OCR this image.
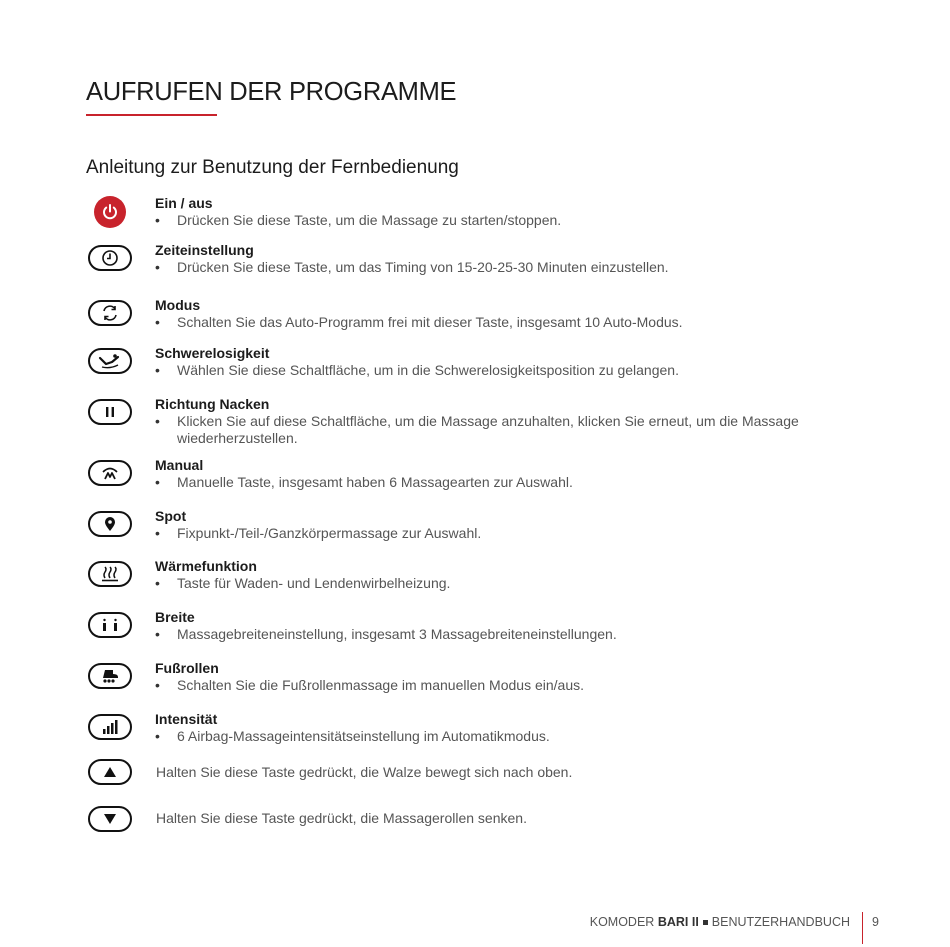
AUFRUFEN DER PROGRAMME
Anleitung zur Benutzung der Fernbedienung
Ein / aus
• Drücken Sie diese Taste, um die Massage zu starten/stoppen.
Zeiteinstellung
• Drücken Sie diese Taste, um das Timing von 15-20-25-30 Minuten einzustellen.
Modus
• Schalten Sie das Auto-Programm frei mit dieser Taste, insgesamt 10 Auto-Modus.
Schwerelosigkeit
• Wählen Sie diese Schaltfläche, um in die Schwerelosigkeitsposition zu gelangen.
Richtung Nacken
• Klicken Sie auf diese Schaltfläche, um die Massage anzuhalten, klicken Sie erneut, um die Massage wiederherzustellen.
Manual
• Manuelle Taste, insgesamt haben 6 Massagearten zur Auswahl.
Spot
• Fixpunkt-/Teil-/Ganzkörpermassage zur Auswahl.
Wärmefunktion
• Taste für Waden- und Lendenwirbelheizung.
Breite
• Massagebreiteneinstellung, insgesamt 3 Massagebreiteneinstellungen.
Fußrollen
• Schalten Sie die Fußrollenmassage im manuellen Modus ein/aus.
Intensität
• 6 Airbag-Massageintensitätseinstellung im Automatikmodus.
Halten Sie diese Taste gedrückt, die Walze bewegt sich nach oben.
Halten Sie diese Taste gedrückt, die Massagerollen senken.
KOMODER BARI II BENUTZERHANDBUCH 9
